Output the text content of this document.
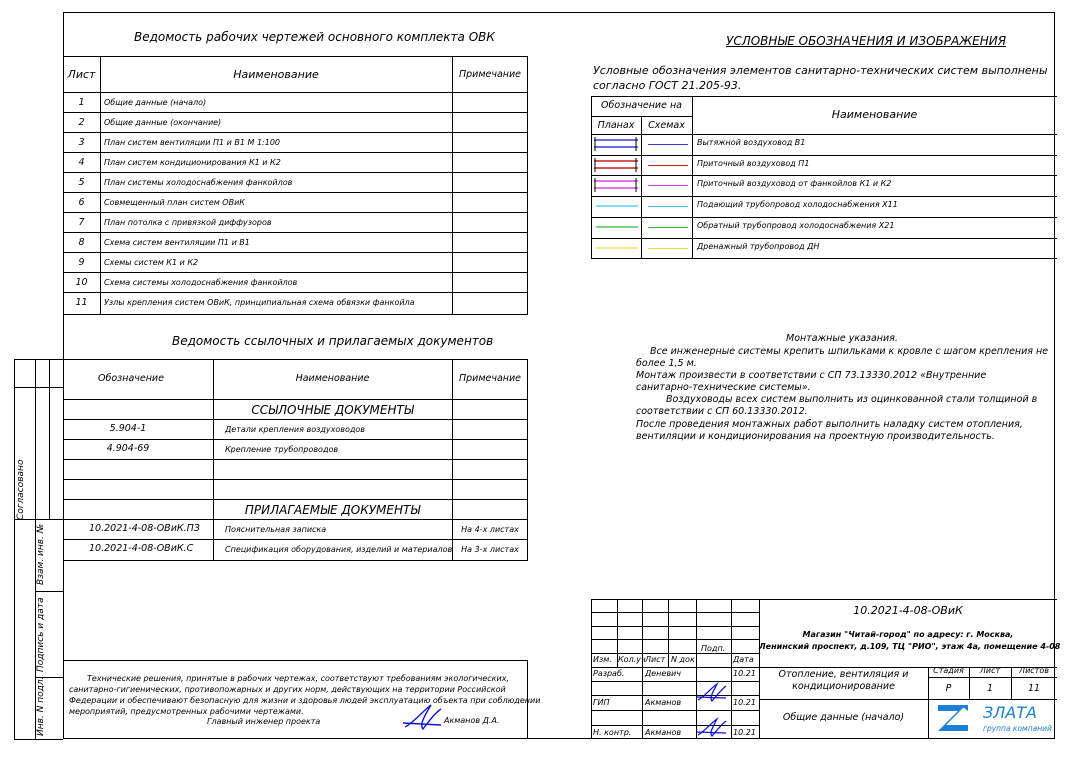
Согласовано
Взам. инв. №
Подпись и дата
Инв. N подл.
Ведомость рабочих чертежей основного комплекта ОВК
Лист	Наименование	Примечание
1	Общие данные (начало)
2	Общие данные (окончание)
3	План систем вентиляции П1 и В1 М 1:100
4	План систем кондиционирования К1 и К2
5	План системы холодоснабжения фанкойлов
6	Совмещенный план систем ОВиК
7	План потолка с привязкой диффузоров
8	Схема систем вентиляции П1 и В1
9	Схемы систем К1 и К2
10	Схема системы холодоснабжения фанкойлов
11	Узлы крепления систем ОВиК, принципиальная схема обвязки фанкойла
Ведомость ссылочных и прилагаемых документов
Обозначение	Наименование	Примечание
ССЫЛОЧНЫЕ ДОКУМЕНТЫ
5.904-1	Детали крепления воздуховодов
4.904-69	Крепление трубопроводов
ПРИЛАГАЕМЫЕ ДОКУМЕНТЫ
10.2021-4-08-ОВиК.ПЗ	Пояснительная записка	На 4-х листах
10.2021-4-08-ОВиК.С	Спецификация оборудования, изделий и материалов	На 3-х листах
УСЛОВНЫЕ ОБОЗНАЧЕНИЯ И ИЗОБРАЖЕНИЯ
Условные обозначения элементов санитарно-технических систем выполнены
согласно ГОСТ 21.205-93.
Обозначение на
Планах	Схемах
Наименование
Вытяжной воздуховод В1
Приточный воздуховод П1
Приточный воздуховод от фанкойлов К1 и К2
Подающий трубопровод холодоснабжения Х11
Обратный трубопровод холодоснабжения Х21
Дренажный трубопровод ДН
Монтажные указания.
Все инженерные системы крепить шпильками к кровле с шагом крепления не
более 1,5 м.
Монтаж произвести в соответствии с СП 73.13330.2012 «Внутренние
санитарно-технические системы».
Воздуховоды всех систем выполнить из оцинкованной стали толщиной в
соответствии с СП 60.13330.2012.
После проведения монтажных работ выполнить наладку систем отопления,
вентиляции и кондиционирования на проектную производительность.
Технические решения, принятые в рабочих чертежах, соответствуют требованиям экологических,
санитарно-гигиенических, противопожарных и других норм, действующих на территории Российской
Федерации и обеспечивают безопасную для жизни и здоровья людей эксплуатацию объекта при соблюдении
мероприятий, предусмотренных рабочими чертежами.
Главный инженер проекта	Акманов Д.А.
10.2021-4-08-ОВиК
Магазин "Читай-город" по адресу: г. Москва,
Ленинский проспект, д.109, ТЦ "РИО", этаж 4а, помещение 4-08
Изм. Кол.уч Лист N док
Подп.
Дата
Разраб.	Деневич	10.21
ГИП	Акманов	10.21
Н. контр. Акманов	10.21
Отопление, вентиляция и
кондиционирование
Стадия	Лист	Листов
Р	1	11
Общие данные (начало)	ЗЛАТА
группа компаний
